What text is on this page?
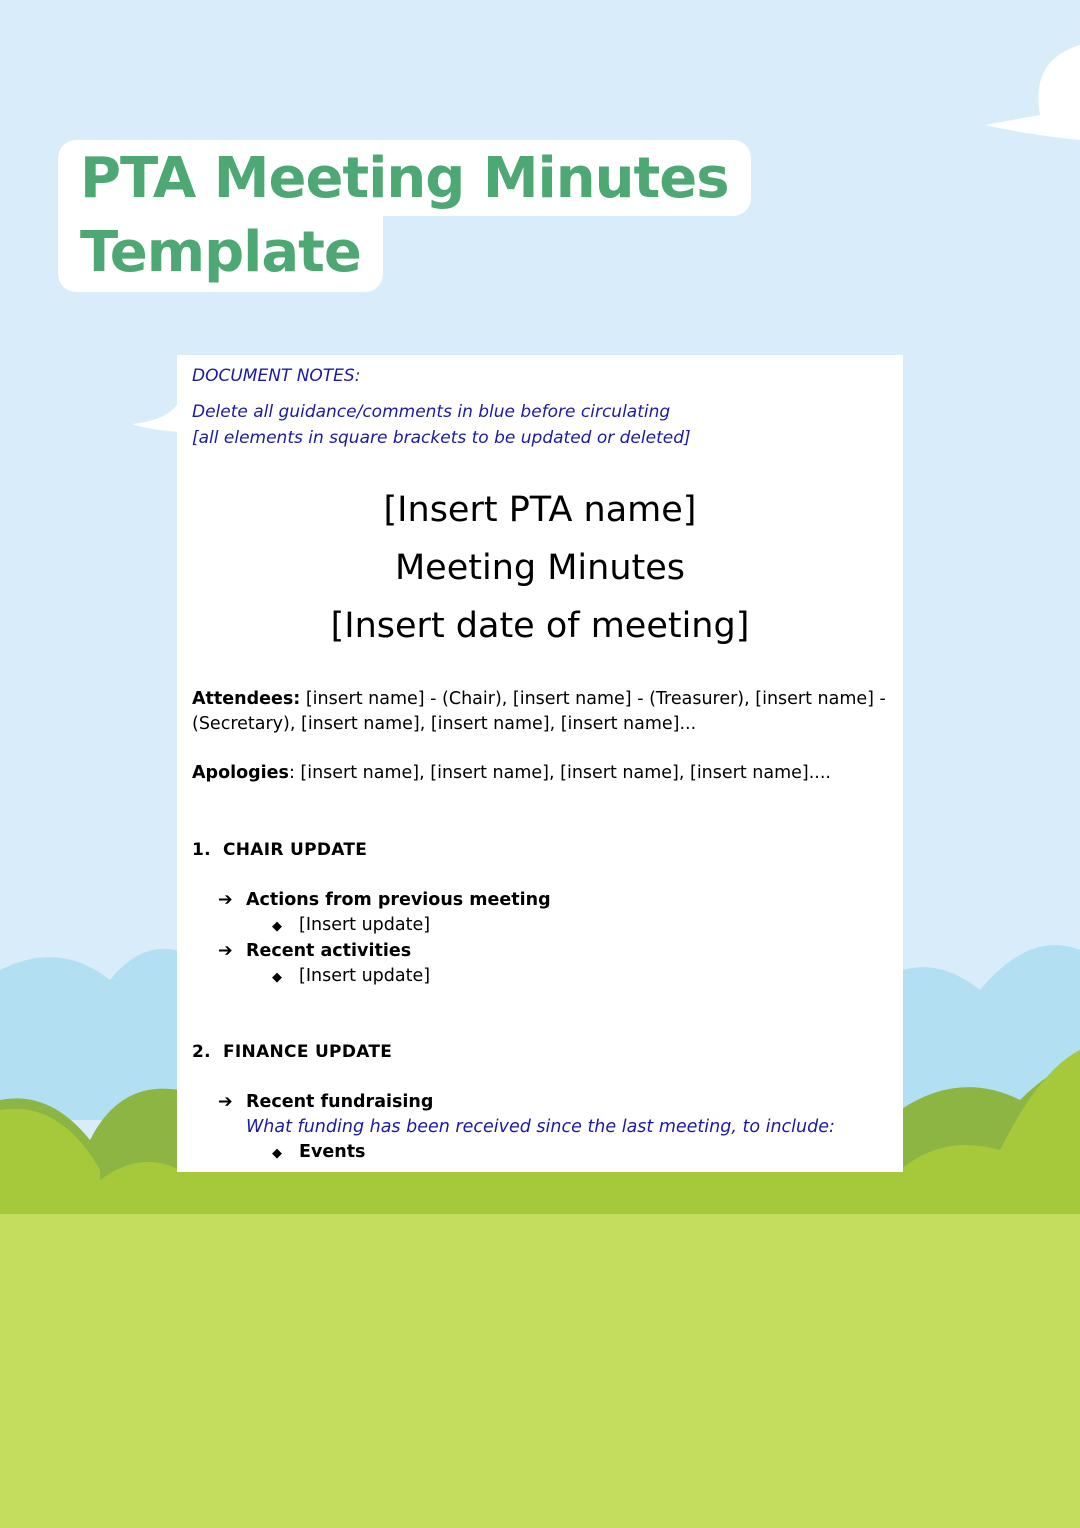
PTA Meeting Minutes
Template
DOCUMENT NOTES:
Delete all guidance/comments in blue before circulating
[all elements in square brackets to be updated or deleted]
[Insert PTA name]
Meeting Minutes
[Insert date of meeting]
Attendees: [insert name] - (Chair), [insert name] - (Treasurer), [insert name] - (Secretary), [insert name], [insert name], [insert name]...
Apologies: [insert name], [insert name], [insert name], [insert name]....
1. CHAIR UPDATE
➔ Actions from previous meeting
◆ [Insert update]
➔ Recent activities
◆ [Insert update]
2. FINANCE UPDATE
➔ Recent fundraising
What funding has been received since the last meeting, to include:
◆ Events
